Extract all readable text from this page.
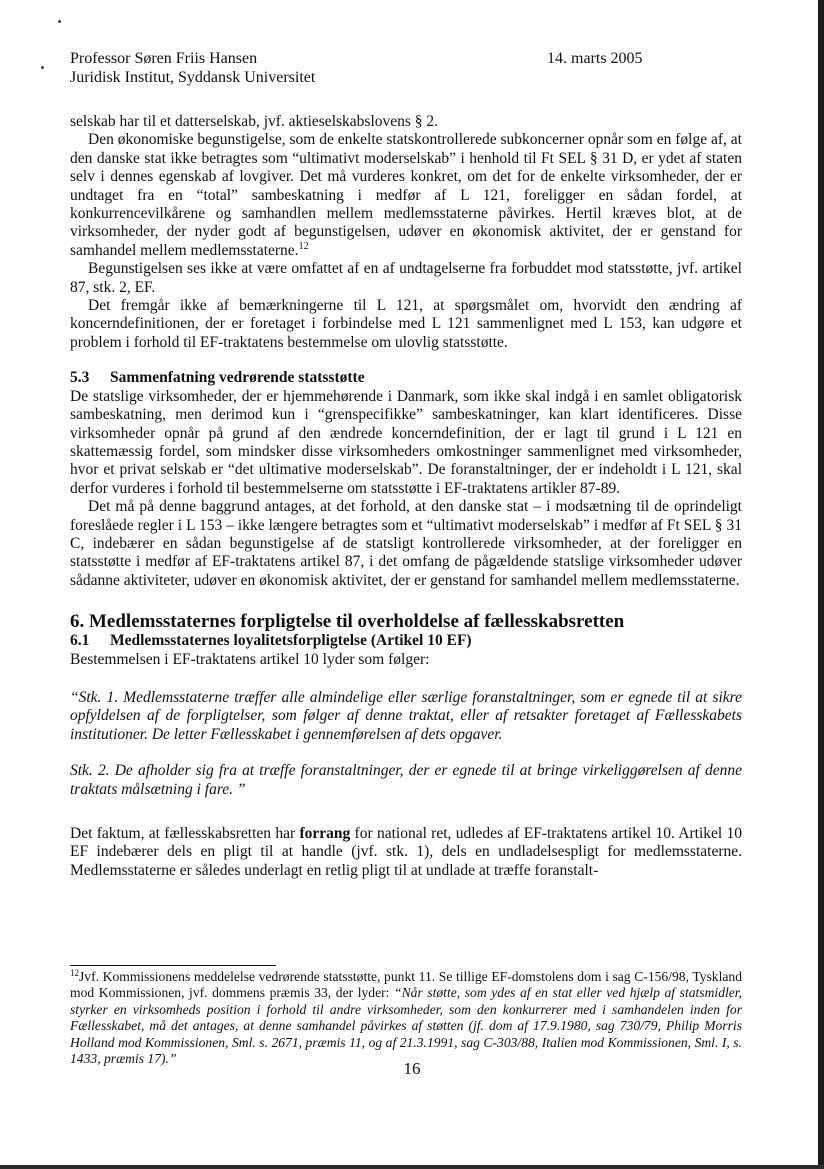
Professor Søren Friis Hansen
Juridisk Institut, Syddansk Universitet
14. marts 2005

selskab har til et datterselskab, jvf. aktieselskabslovens § 2.

Den økonomiske begunstigelse, som de enkelte statskontrollerede subkoncerner opnår som en følge af, at den danske stat ikke betragtes som “ultimativt moderselskab” i henhold til Ft SEL § 31 D, er ydet af staten selv i dennes egenskab af lovgiver. Det må vurderes konkret, om det for de enkelte virksomheder, der er undtaget fra en “total” sambeskatning i medfør af L 121, foreligger en sådan fordel, at konkurrencevilkårene og samhandlen mellem medlemsstaterne påvirkes. Hertil kræves blot, at de virksomheder, der nyder godt af begunstigelsen, udøver en økonomisk aktivitet, der er genstand for samhandel mellem medlemsstaterne.$^{12}$

Begunstigelsen ses ikke at være omfattet af en af undtagelserne fra forbuddet mod statsstøtte, jvf. artikel 87, stk. 2, EF.

Det fremgår ikke af bemærkningerne til L 121, at spørgsmålet om, hvorvidt den ændring af koncerndefinitionen, der er foretaget i forbindelse med L 121 sammenlignet med L 153, kan udgøre et problem i forhold til EF-traktatens bestemmelse om ulovlig statsstøtte.

5.3 Sammenfatning vedrørende statsstøtte

De statslige virksomheder, der er hjemmehørende i Danmark, som ikke skal indgå i en samlet obligatorisk sambeskatning, men derimod kun i “grenspecifikke” sambeskatninger, kan klart identificeres. Disse virksomheder opnår på grund af den ændrede koncerndefinition, der er lagt til grund i L 121 en skattemæssig fordel, som mindsker disse virksomheders omkostninger sammenlignet med virksomheder, hvor et privat selskab er “det ultimative moderselskab”. De foranstaltninger, der er indeholdt i L 121, skal derfor vurderes i forhold til bestemmelserne om statsstøtte i EF-traktatens artikler 87-89.

Det må på denne baggrund antages, at det forhold, at den danske stat – i modsætning til de oprindeligt foreslåede regler i L 153 – ikke længere betragtes som et “ultimativt moderselskab” i medfør af Ft SEL § 31 C, indebærer en sådan begunstigelse af de statsligt kontrollerede virksomheder, at der foreligger en statsstøtte i medfør af EF-traktatens artikel 87, i det omfang de pågældende statslige virksomheder udøver sådanne aktiviteter, udøver en økonomisk aktivitet, der er genstand for samhandel mellem medlemsstaterne.

6. Medlemsstaternes forpligtelse til overholdelse af fællesskabsretten
6.1 Medlemsstaternes loyalitetsforpligtelse (Artikel 10 EF)

Bestemmelsen i EF-traktatens artikel 10 lyder som følger:

“Stk. 1. Medlemsstaterne træffer alle almindelige eller særlige foranstaltninger, som er egnede til at sikre opfyldelsen af de forpligtelser, som følger af denne traktat, eller af retsakter foretaget af Fællesskabets institutioner. De letter Fællesskabet i gennemførelsen af dets opgaver.

Stk. 2. De afholder sig fra at træffe foranstaltninger, der er egnede til at bringe virkeliggørelsen af denne traktats målsætning i fare. ”

Det faktum, at fællesskabsretten har forrang for national ret, udledes af EF-traktatens artikel 10. Artikel 10 EF indebærer dels en pligt til at handle (jvf. stk. 1), dels en undladelsespligt for medlemsstaterne. Medlemsstaterne er således underlagt en retlig pligt til at undlade at træffe foranstalt-

$^{12}$Jvf. Kommissionens meddelelse vedrørende statsstøtte, punkt 11. Se tillige EF-domstolens dom i sag C-156/98, Tyskland mod Kommissionen, jvf. dommens præmis 33, der lyder: “Når støtte, som ydes af en stat eller ved hjælp af statsmidler, styrker en virksomheds position i forhold til andre virksomheder, som den konkurrerer med i samhandelen inden for Fællesskabet, må det antages, at denne samhandel påvirkes af støtten (jf. dom af 17.9.1980, sag 730/79, Philip Morris Holland mod Kommissionen, Sml. s. 2671, præmis 11, og af 21.3.1991, sag C-303/88, Italien mod Kommissionen, Sml. I, s. 1433, præmis 17).”
16
